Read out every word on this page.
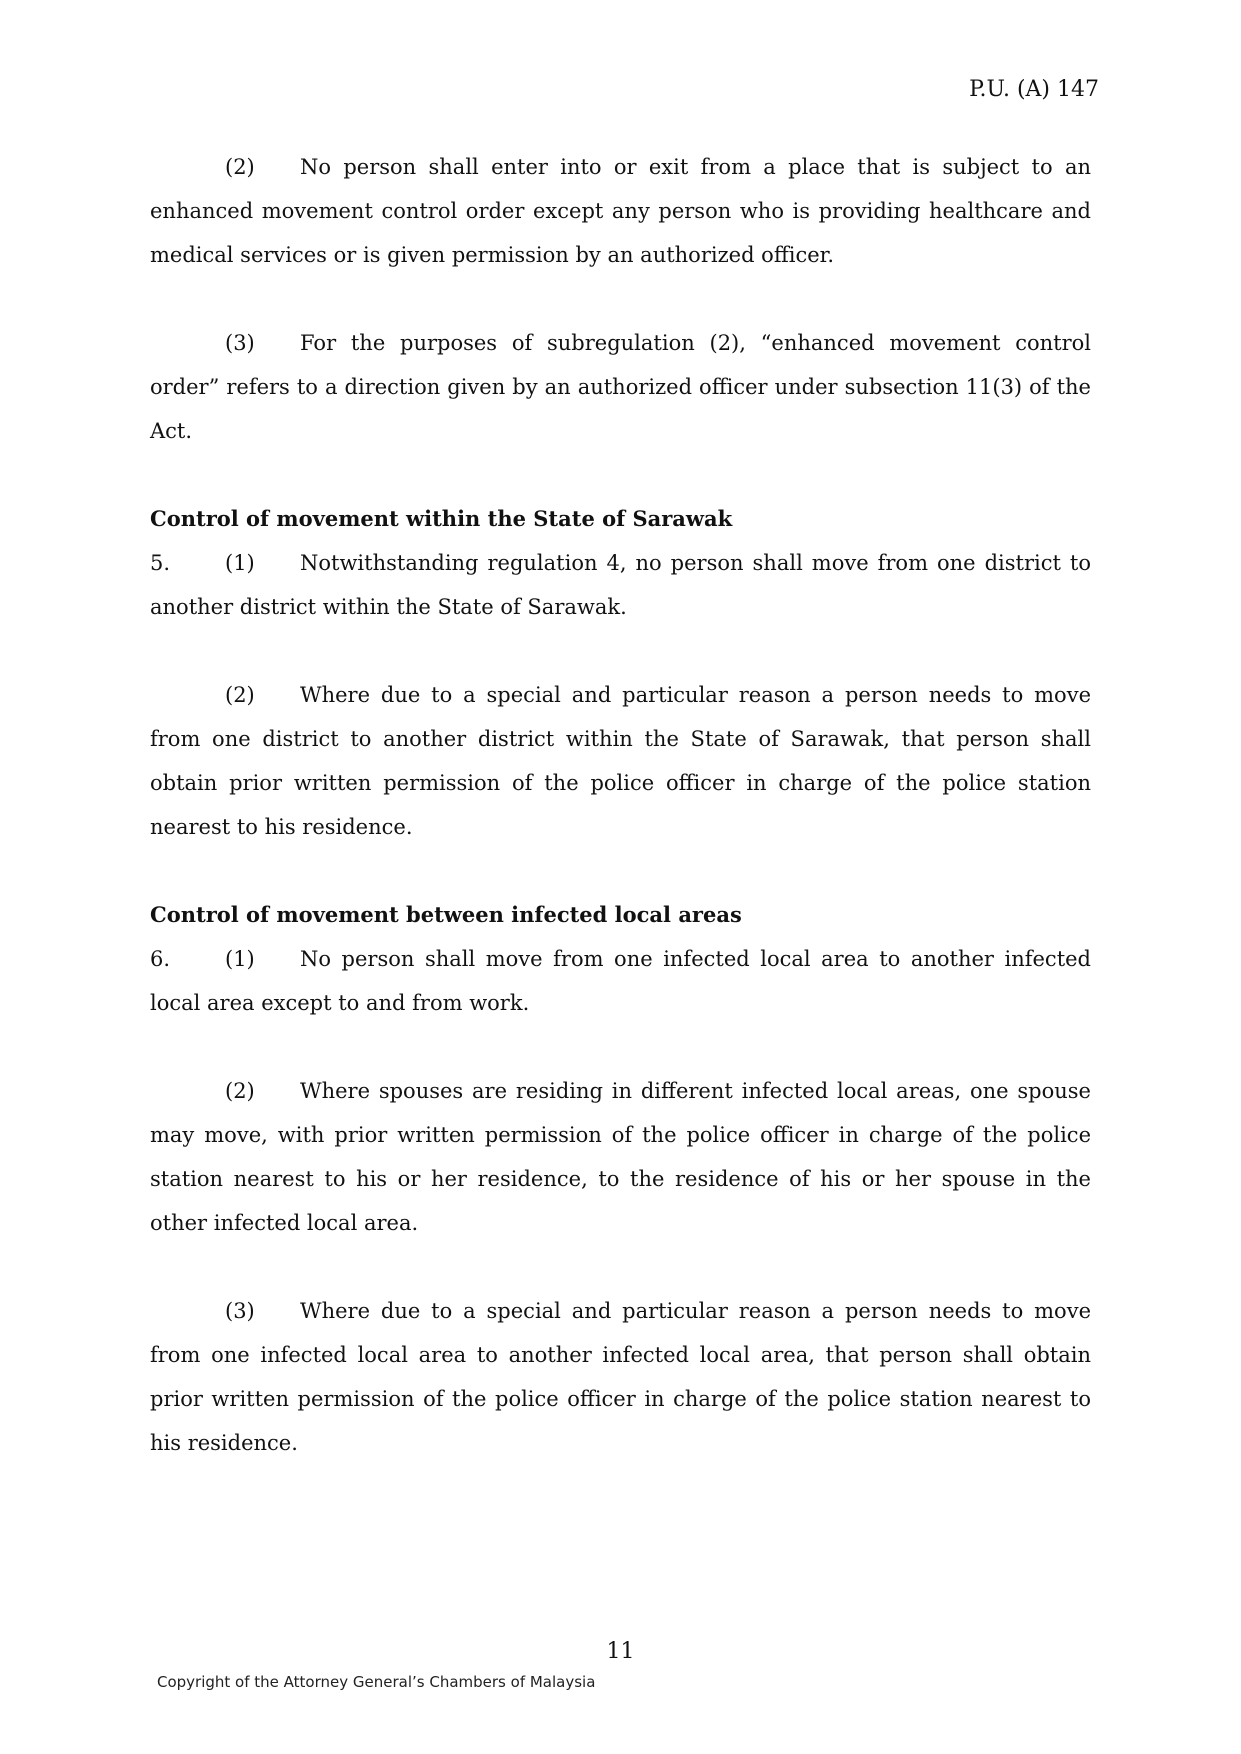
P.U. (A) 147

(2) No person shall enter into or exit from a place that is subject to an enhanced movement control order except any person who is providing healthcare and medical services or is given permission by an authorized officer.

(3) For the purposes of subregulation (2), “enhanced movement control order” refers to a direction given by an authorized officer under subsection 11(3) of the Act.

Control of movement within the State of Sarawak

5.	(1) Notwithstanding regulation 4, no person shall move from one district to another district within the State of Sarawak.

(2) Where due to a special and particular reason a person needs to move from one district to another district within the State of Sarawak, that person shall obtain prior written permission of the police officer in charge of the police station nearest to his residence.

Control of movement between infected local areas

6.	(1) No person shall move from one infected local area to another infected local area except to and from work.

(2) Where spouses are residing in different infected local areas, one spouse may move, with prior written permission of the police officer in charge of the police station nearest to his or her residence, to the residence of his or her spouse in the other infected local area.

(3) Where due to a special and particular reason a person needs to move from one infected local area to another infected local area, that person shall obtain prior written permission of the police officer in charge of the police station nearest to his residence.

11
Copyright of the Attorney General’s Chambers of Malaysia
